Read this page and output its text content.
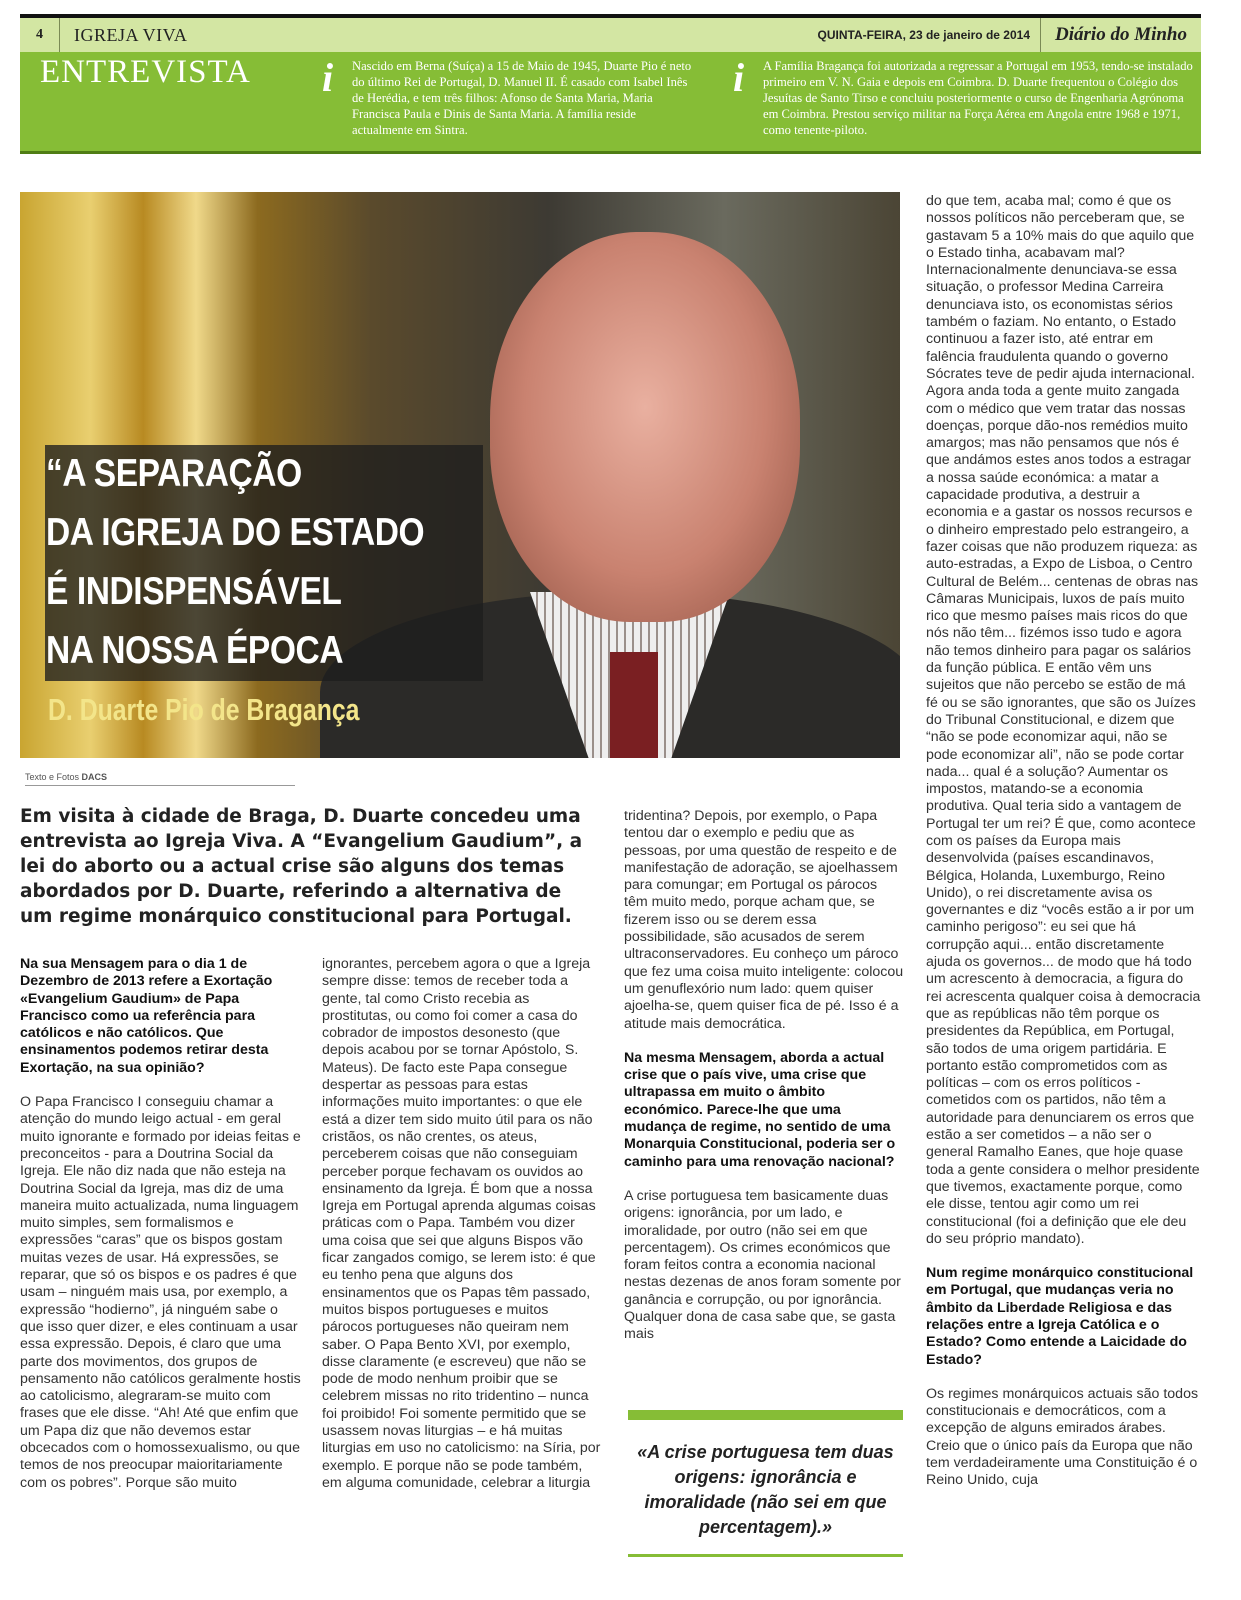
4	IGREJA VIVA	QUINTA-FEIRA, 23 de janeiro de 2014	Diário do Minho
ENTREVISTA i Nascido em Berna (Suíça) a 15 de Maio de 1945, Duarte Pio é neto do último Rei de Portugal, D. Manuel II. É casado com Isabel Inês de Herédia, e tem três filhos: Afonso de Santa Maria, Maria Francisca Paula e Dinis de Santa Maria. A família reside actualmente em Sintra.
i A Família Bragança foi autorizada a regressar a Portugal em 1953, tendo-se instalado primeiro em V. N. Gaia e depois em Coimbra. D. Duarte frequentou o Colégio dos Jesuítas de Santo Tirso e concluiu posteriormente o curso de Engenharia Agrónoma em Coimbra. Prestou serviço militar na Força Aérea em Angola entre 1968 e 1971, como tenente-piloto.
“A SEPARAÇÃO
DA IGREJA DO ESTADO
É INDISPENSÁVEL
NA NOSSA ÉPOCA
D. Duarte Pio de Bragança
Texto e Fotos DACS
Em visita à cidade de Braga, D. Duarte concedeu uma entrevista ao Igreja Viva. A “Evangelium Gaudium”, a lei do aborto ou a actual crise são alguns dos temas abordados por D. Duarte, referindo a alternativa de um regime monárquico constitucional para Portugal.

Na sua Mensagem para o dia 1 de Dezembro de 2013 refere a Exortação «Evangelium Gaudium» de Papa Francisco como ua referência para católicos e não católicos. Que ensinamentos podemos retirar desta Exortação, na sua opinião?

O Papa Francisco I conseguiu chamar a atenção do mundo leigo actual - em geral muito ignorante e formado por ideias feitas e preconceitos - para a Doutrina Social da Igreja. Ele não diz nada que não esteja na Doutrina Social da Igreja, mas diz de uma maneira muito actualizada, numa linguagem muito simples, sem formalismos e expressões “caras” que os bispos gostam muitas vezes de usar. Há expressões, se reparar, que só os bispos e os padres é que usam – ninguém mais usa, por exemplo, a expressão “hodierno”, já ninguém sabe o que isso quer dizer, e eles continuam a usar essa expressão. Depois, é claro que uma parte dos movimentos, dos grupos de pensamento não católicos geralmente hostis ao catolicismo, alegraram-se muito com frases que ele disse. “Ah! Até que enfim que um Papa diz que não devemos estar obcecados com o homossexualismo, ou que temos de nos preocupar maioritariamente com os pobres”. Porque são muito

ignorantes, percebem agora o que a Igreja sempre disse: temos de receber toda a gente, tal como Cristo recebia as prostitutas, ou como foi comer a casa do cobrador de impostos desonesto (que depois acabou por se tornar Apóstolo, S. Mateus). De facto este Papa consegue despertar as pessoas para estas informações muito importantes: o que ele está a dizer tem sido muito útil para os não cristãos, os não crentes, os ateus, perceberem coisas que não conseguiam perceber porque fechavam os ouvidos ao ensinamento da Igreja. É bom que a nossa Igreja em Portugal aprenda algumas coisas práticas com o Papa. Também vou dizer uma coisa que sei que alguns Bispos vão ficar zangados comigo, se lerem isto: é que eu tenho pena que alguns dos ensinamentos que os Papas têm passado, muitos bispos portugueses e muitos párocos portugueses não queiram nem saber. O Papa Bento XVI, por exemplo, disse claramente (e escreveu) que não se pode de modo nenhum proibir que se celebrem missas no rito tridentino – nunca foi proibido! Foi somente permitido que se usassem novas liturgias – e há muitas liturgias em uso no catolicismo: na Síria, por exemplo. E porque não se pode também, em alguma comunidade, celebrar a liturgia

tridentina? Depois, por exemplo, o Papa tentou dar o exemplo e pediu que as pessoas, por uma questão de respeito e de manifestação de adoração, se ajoelhassem para comungar; em Portugal os párocos têm muito medo, porque acham que, se fizerem isso ou se derem essa possibilidade, são acusados de serem ultraconservadores. Eu conheço um pároco que fez uma coisa muito inteligente: colocou um genuflexório num lado: quem quiser ajoelha-se, quem quiser fica de pé. Isso é a atitude mais democrática.

Na mesma Mensagem, aborda a actual crise que o país vive, uma crise que ultrapassa em muito o âmbito económico. Parece-lhe que uma mudança de regime, no sentido de uma Monarquia Constitucional, poderia ser o caminho para uma renovação nacional?

A crise portuguesa tem basicamente duas origens: ignorância, por um lado, e imoralidade, por outro (não sei em que percentagem). Os crimes económicos que foram feitos contra a economia nacional nestas dezenas de anos foram somente por ganância e corrupção, ou por ignorância. Qualquer dona de casa sabe que, se gasta mais

«A crise portuguesa tem duas origens: ignorância e imoralidade (não sei em que percentagem).»

do que tem, acaba mal; como é que os nossos políticos não perceberam que, se gastavam 5 a 10% mais do que aquilo que o Estado tinha, acabavam mal? Internacionalmente denunciava-se essa situação, o professor Medina Carreira denunciava isto, os economistas sérios também o faziam. No entanto, o Estado continuou a fazer isto, até entrar em falência fraudulenta quando o governo Sócrates teve de pedir ajuda internacional. Agora anda toda a gente muito zangada com o médico que vem tratar das nossas doenças, porque dão-nos remédios muito amargos; mas não pensamos que nós é que andámos estes anos todos a estragar a nossa saúde económica: a matar a capacidade produtiva, a destruir a economia e a gastar os nossos recursos e o dinheiro emprestado pelo estrangeiro, a fazer coisas que não produzem riqueza: as auto-estradas, a Expo de Lisboa, o Centro Cultural de Belém... centenas de obras nas Câmaras Municipais, luxos de país muito rico que mesmo países mais ricos do que nós não têm... fizémos isso tudo e agora não temos dinheiro para pagar os salários da função pública. E então vêm uns sujeitos que não percebo se estão de má fé ou se são ignorantes, que são os Juízes do Tribunal Constitucional, e dizem que “não se pode economizar aqui, não se pode economizar ali”, não se pode cortar nada... qual é a solução? Aumentar os impostos, matando-se a economia produtiva. Qual teria sido a vantagem de Portugal ter um rei? É que, como acontece com os países da Europa mais desenvolvida (países escandinavos, Bélgica, Holanda, Luxemburgo, Reino Unido), o rei discretamente avisa os governantes e diz “vocês estão a ir por um caminho perigoso”: eu sei que há corrupção aqui... então discretamente ajuda os governos... de modo que há todo um acrescento à democracia, a figura do rei acrescenta qualquer coisa à democracia que as repúblicas não têm porque os presidentes da República, em Portugal, são todos de uma origem partidária. E portanto estão comprometidos com as políticas – com os erros políticos - cometidos com os partidos, não têm a autoridade para denunciarem os erros que estão a ser cometidos – a não ser o general Ramalho Eanes, que hoje quase toda a gente considera o melhor presidente que tivemos, exactamente porque, como ele disse, tentou agir como um rei constitucional (foi a definição que ele deu do seu próprio mandato).

Num regime monárquico constitucional em Portugal, que mudanças veria no âmbito da Liberdade Religiosa e das relações entre a Igreja Católica e o Estado? Como entende a Laicidade do Estado?

Os regimes monárquicos actuais são todos constitucionais e democráticos, com a excepção de alguns emirados árabes. Creio que o único país da Europa que não tem verdadeiramente uma Constituição é o Reino Unido, cuja
